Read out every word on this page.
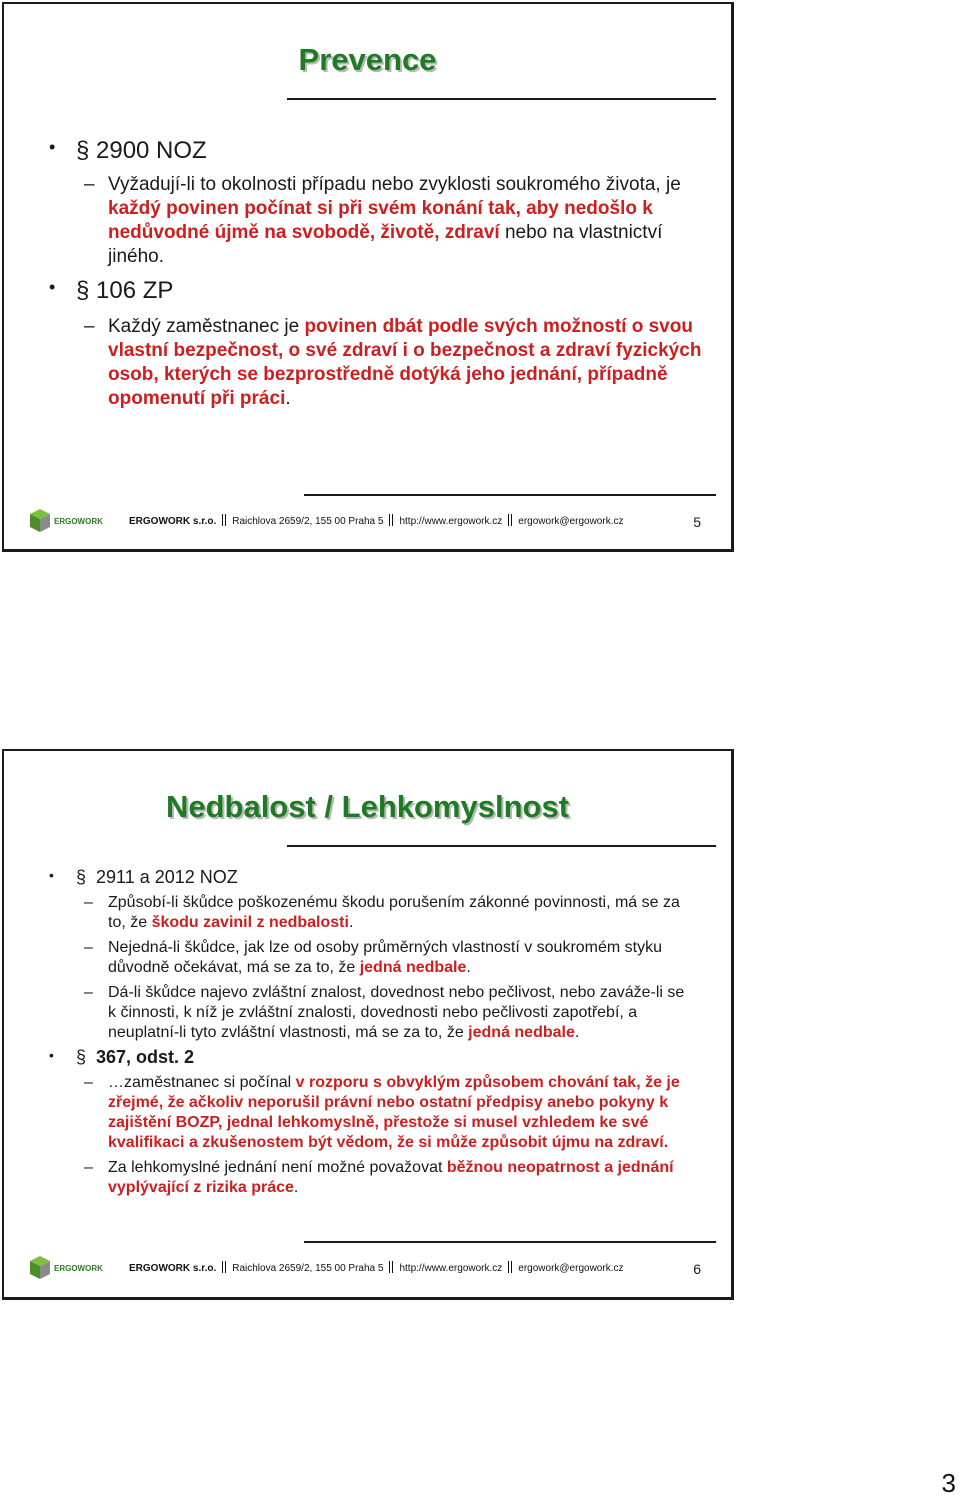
Prevence
• § 2900 NOZ
– Vyžadují-li to okolnosti případu nebo zvyklosti soukromého života, je každý povinen počínat si při svém konání tak, aby nedošlo k nedůvodné újmě na svobodě, životě, zdraví nebo na vlastnictví jiného.
• § 106 ZP
– Každý zaměstnanec je povinen dbát podle svých možností o svou vlastní bezpečnost, o své zdraví i o bezpečnost a zdraví fyzických osob, kterých se bezprostředně dotýká jeho jednání, případně opomenutí při práci.
ERGOWORK	ERGOWORK s.r.o. Raichlova 2659/2, 155 00 Praha 5 http://www.ergowork.cz ergowork@ergowork.cz	5
Nedbalost / Lehkomyslnost
• § 2911 a 2012 NOZ
– Způsobí-li škůdce poškozenému škodu porušením zákonné povinnosti, má se za to, že škodu zavinil z nedbalosti.
– Nejedná-li škůdce, jak lze od osoby průměrných vlastností v soukromém styku důvodně očekávat, má se za to, že jedná nedbale.
– Dá-li škůdce najevo zvláštní znalost, dovednost nebo pečlivost, nebo zaváže-li se k činnosti, k níž je zvláštní znalosti, dovednosti nebo pečlivosti zapotřebí, a neuplatní-li tyto zvláštní vlastnosti, má se za to, že jedná nedbale.
• § 367, odst. 2
– …zaměstnanec si počínal v rozporu s obvyklým způsobem chování tak, že je zřejmé, že ačkoliv neporušil právní nebo ostatní předpisy anebo pokyny k zajištění BOZP, jednal lehkomyslně, přestože si musel vzhledem ke své kvalifikaci a zkušenostem být vědom, že si může způsobit újmu na zdraví.
– Za lehkomyslné jednání není možné považovat běžnou neopatrnost a jednání vyplývající z rizika práce.
ERGOWORK	ERGOWORK s.r.o. Raichlova 2659/2, 155 00 Praha 5 http://www.ergowork.cz ergowork@ergowork.cz	6
3
